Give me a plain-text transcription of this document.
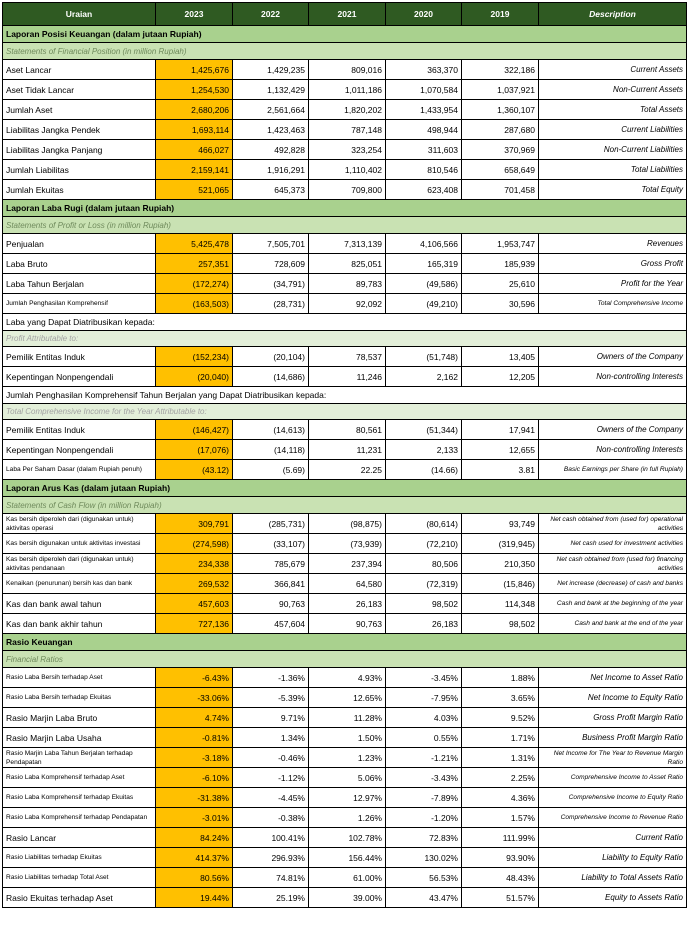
Uraian	2023	2022	2021	2020	2019	Description
Laporan Posisi Keuangan (dalam jutaan Rupiah)						
Statements of Financial Position (in million Rupiah)						
Aset Lancar	1,425,676	1,429,235	809,016	363,370	322,186	Current Assets
Aset Tidak Lancar	1,254,530	1,132,429	1,011,186	1,070,584	1,037,921	Non-Current Assets
Jumlah Aset	2,680,206	2,561,664	1,820,202	1,433,954	1,360,107	Total Assets
Liabilitas Jangka Pendek	1,693,114	1,423,463	787,148	498,944	287,680	Current Liabilities
Liabilitas Jangka Panjang	466,027	492,828	323,254	311,603	370,969	Non-Current Liabilities
Jumlah Liabilitas	2,159,141	1,916,291	1,110,402	810,546	658,649	Total Liabilities
Jumlah Ekuitas	521,065	645,373	709,800	623,408	701,458	Total Equity
Laporan Laba Rugi (dalam jutaan Rupiah)						
Statements of Profit or Loss (in million Rupiah)						
Penjualan	5,425,478	7,505,701	7,313,139	4,106,566	1,953,747	Revenues
Laba Bruto	257,351	728,609	825,051	165,319	185,939	Gross Profit
Laba Tahun Berjalan	(172,274)	(34,791)	89,783	(49,586)	25,610	Profit for the Year
Jumlah Penghasilan Komprehensif	(163,503)	(28,731)	92,092	(49,210)	30,596	Total Comprehensive Income
Laba yang Dapat Diatribusikan kepada:						
Profit Attributable to:						
Pemilik Entitas Induk	(152,234)	(20,104)	78,537	(51,748)	13,405	Owners of the Company
Kepentingan Nonpengendali	(20,040)	(14,686)	11,246	2,162	12,205	Non-controlling Interests
Jumlah Penghasilan Komprehensif Tahun Berjalan yang Dapat Diatribusikan kepada:						
Total Comprehensive Income for the Year Attributable to:						
Pemilik Entitas Induk	(146,427)	(14,613)	80,561	(51,344)	17,941	Owners of the Company
Kepentingan Nonpengendali	(17,076)	(14,118)	11,231	2,133	12,655	Non-controlling Interests
Laba Per Saham Dasar (dalam Rupiah penuh)	(43.12)	(5.69)	22.25	(14.66)	3.81	Basic Earnings per Share (in full Rupiah)
Laporan Arus Kas (dalam jutaan Rupiah)						
Statements of Cash Flow (in million Rupiah)						
Kas bersih diperoleh dari (digunakan untuk) aktivitas operasi	309,791	(285,731)	(98,875)	(80,614)	93,749	Net cash obtained from (used for) operational activities
Kas bersih digunakan untuk aktivitas investasi	(274,598)	(33,107)	(73,939)	(72,210)	(319,945)	Net cash used for investment activities
Kas bersih diperoleh dari (digunakan untuk) aktivitas pendanaan	234,338	785,679	237,394	80,506	210,350	Net cash obtained from (used for) financing activities
Kenaikan (penurunan) bersih kas dan bank	269,532	366,841	64,580	(72,319)	(15,846)	Net increase (decrease) of cash and banks
Kas dan bank awal tahun	457,603	90,763	26,183	98,502	114,348	Cash and bank at the beginning of the year
Kas dan bank akhir tahun	727,136	457,604	90,763	26,183	98,502	Cash and bank at the end of the year
Rasio Keuangan						
Financial Ratios						
Rasio Laba Bersih terhadap Aset	-6.43%	-1.36%	4.93%	-3.45%	1.88%	Net Income to Asset Ratio
Rasio Laba Bersih terhadap Ekuitas	-33.06%	-5.39%	12.65%	-7.95%	3.65%	Net Income to Equity Ratio
Rasio Marjin Laba Bruto	4.74%	9.71%	11.28%	4.03%	9.52%	Gross Profit Margin Ratio
Rasio Marjin Laba Usaha	-0.81%	1.34%	1.50%	0.55%	1.71%	Business Profit Margin Ratio
Rasio Marjin Laba Tahun Berjalan terhadap Pendapatan	-3.18%	-0.46%	1.23%	-1.21%	1.31%	Net Income for The Year to Revenue Margin Ratio
Rasio Laba Komprehensif terhadap Aset	-6.10%	-1.12%	5.06%	-3.43%	2.25%	Comprehensive Income to Asset Ratio
Rasio Laba Komprehensif terhadap Ekuitas	-31.38%	-4.45%	12.97%	-7.89%	4.36%	Comprehensive Income to Equity Ratio
Rasio Laba Komprehensif terhadap Pendapatan	-3.01%	-0.38%	1.26%	-1.20%	1.57%	Comprehensive Income to Revenue Ratio
Rasio Lancar	84.24%	100.41%	102.78%	72.83%	111.99%	Current Ratio
Rasio Liabilitas terhadap Ekuitas	414.37%	296.93%	156.44%	130.02%	93.90%	Liability to Equity Ratio
Rasio Liabilitas terhadap Total Aset	80.56%	74.81%	61.00%	56.53%	48.43%	Liability to Total Assets Ratio
Rasio Ekuitas terhadap Aset	19.44%	25.19%	39.00%	43.47%	51.57%	Equity to Assets Ratio
